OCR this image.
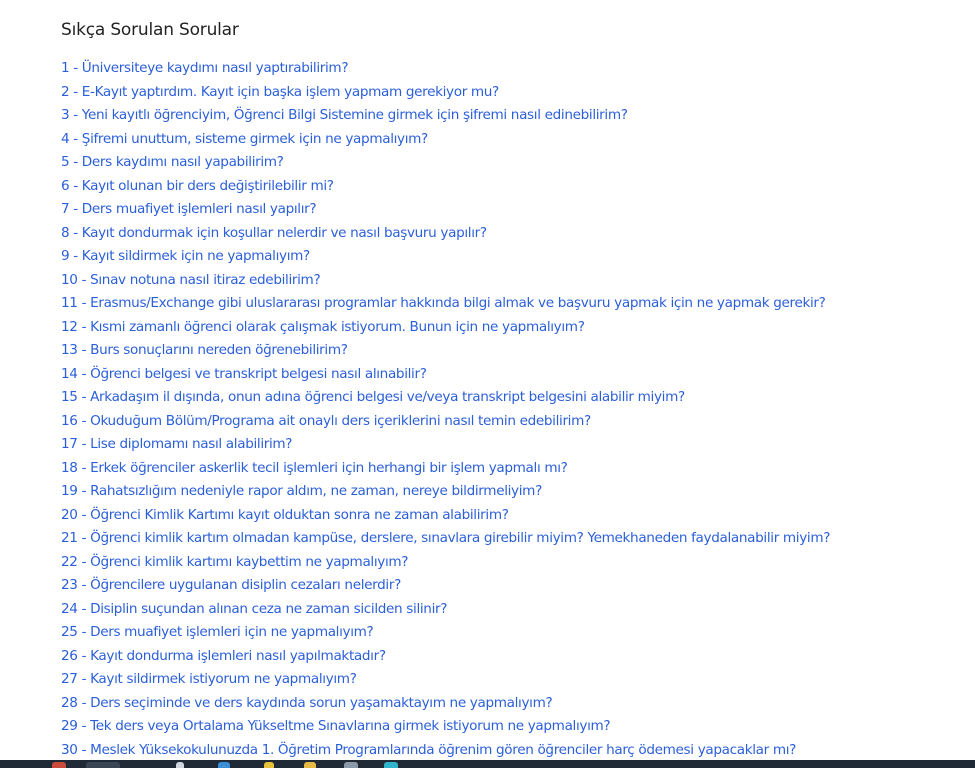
Sıkça Sorulan Sorular
1 - Üniversiteye kaydımı nasıl yaptırabilirim?
2 - E-Kayıt yaptırdım. Kayıt için başka işlem yapmam gerekiyor mu?
3 - Yeni kayıtlı öğrenciyim, Öğrenci Bilgi Sistemine girmek için şifremi nasıl edinebilirim?
4 - Şifremi unuttum, sisteme girmek için ne yapmalıyım?
5 - Ders kaydımı nasıl yapabilirim?
6 - Kayıt olunan bir ders değiştirilebilir mi?
7 - Ders muafiyet işlemleri nasıl yapılır?
8 - Kayıt dondurmak için koşullar nelerdir ve nasıl başvuru yapılır?
9 - Kayıt sildirmek için ne yapmalıyım?
10 - Sınav notuna nasıl itiraz edebilirim?
11 - Erasmus/Exchange gibi uluslararası programlar hakkında bilgi almak ve başvuru yapmak için ne yapmak gerekir?
12 - Kısmi zamanlı öğrenci olarak çalışmak istiyorum. Bunun için ne yapmalıyım?
13 - Burs sonuçlarını nereden öğrenebilirim?
14 - Öğrenci belgesi ve transkript belgesi nasıl alınabilir?
15 - Arkadaşım il dışında, onun adına öğrenci belgesi ve/veya transkript belgesini alabilir miyim?
16 - Okuduğum Bölüm/Programa ait onaylı ders içeriklerini nasıl temin edebilirim?
17 - Lise diplomamı nasıl alabilirim?
18 - Erkek öğrenciler askerlik tecil işlemleri için herhangi bir işlem yapmalı mı?
19 - Rahatsızlığım nedeniyle rapor aldım, ne zaman, nereye bildirmeliyim?
20 - Öğrenci Kimlik Kartımı kayıt olduktan sonra ne zaman alabilirim?
21 - Öğrenci kimlik kartım olmadan kampüse, derslere, sınavlara girebilir miyim? Yemekhaneden faydalanabilir miyim?
22 - Öğrenci kimlik kartımı kaybettim ne yapmalıyım?
23 - Öğrencilere uygulanan disiplin cezaları nelerdir?
24 - Disiplin suçundan alınan ceza ne zaman sicilden silinir?
25 - Ders muafiyet işlemleri için ne yapmalıyım?
26 - Kayıt dondurma işlemleri nasıl yapılmaktadır?
27 - Kayıt sildirmek istiyorum ne yapmalıyım?
28 - Ders seçiminde ve ders kaydında sorun yaşamaktayım ne yapmalıyım?
29 - Tek ders veya Ortalama Yükseltme Sınavlarına girmek istiyorum ne yapmalıyım?
30 - Meslek Yüksekokulunuzda 1. Öğretim Programlarında öğrenim gören öğrenciler harç ödemesi yapacaklar mı?
